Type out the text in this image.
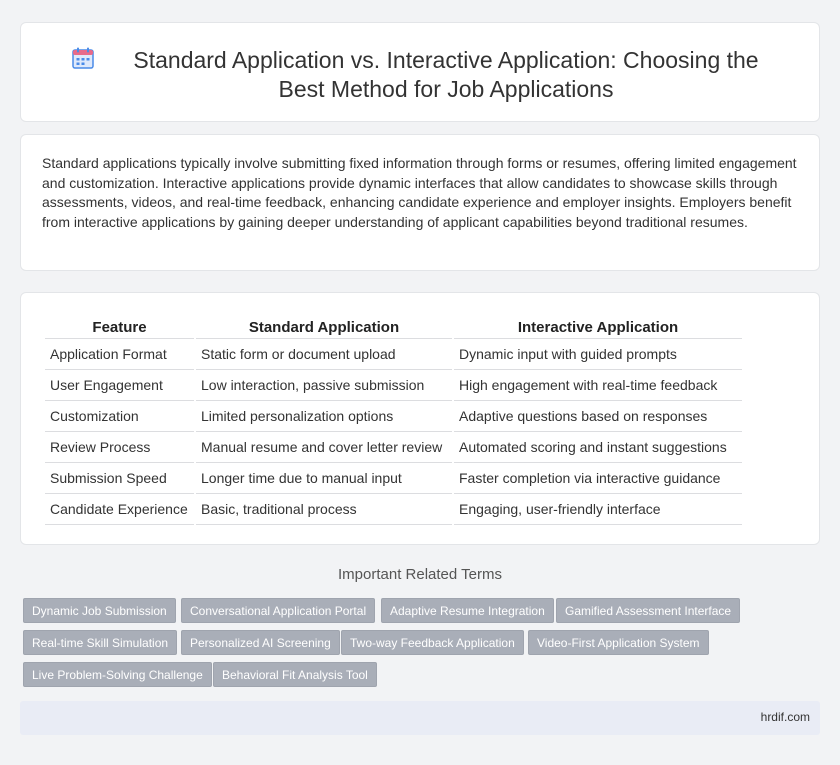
Standard Application vs. Interactive Application: Choosing the Best Method for Job Applications

Standard applications typically involve submitting fixed information through forms or resumes, offering limited engagement and customization. Interactive applications provide dynamic interfaces that allow candidates to showcase skills through assessments, videos, and real-time feedback, enhancing candidate experience and employer insights. Employers benefit from interactive applications by gaining deeper understanding of applicant capabilities beyond traditional resumes.

Feature	Standard Application	Interactive Application
Application Format	Static form or document upload	Dynamic input with guided prompts
User Engagement	Low interaction, passive submission	High engagement with real-time feedback
Customization	Limited personalization options	Adaptive questions based on responses
Review Process	Manual resume and cover letter review	Automated scoring and instant suggestions
Submission Speed	Longer time due to manual input	Faster completion via interactive guidance
Candidate Experience	Basic, traditional process	Engaging, user-friendly interface
Important Related Terms
Dynamic Job Submission	Conversational Application Portal	Adaptive Resume Integration	Gamified Assessment Interface
Real-time Skill Simulation	Personalized AI Screening	Two-way Feedback Application	Video-First Application System
Live Problem-Solving Challenge	Behavioral Fit Analysis Tool
hrdif.com
